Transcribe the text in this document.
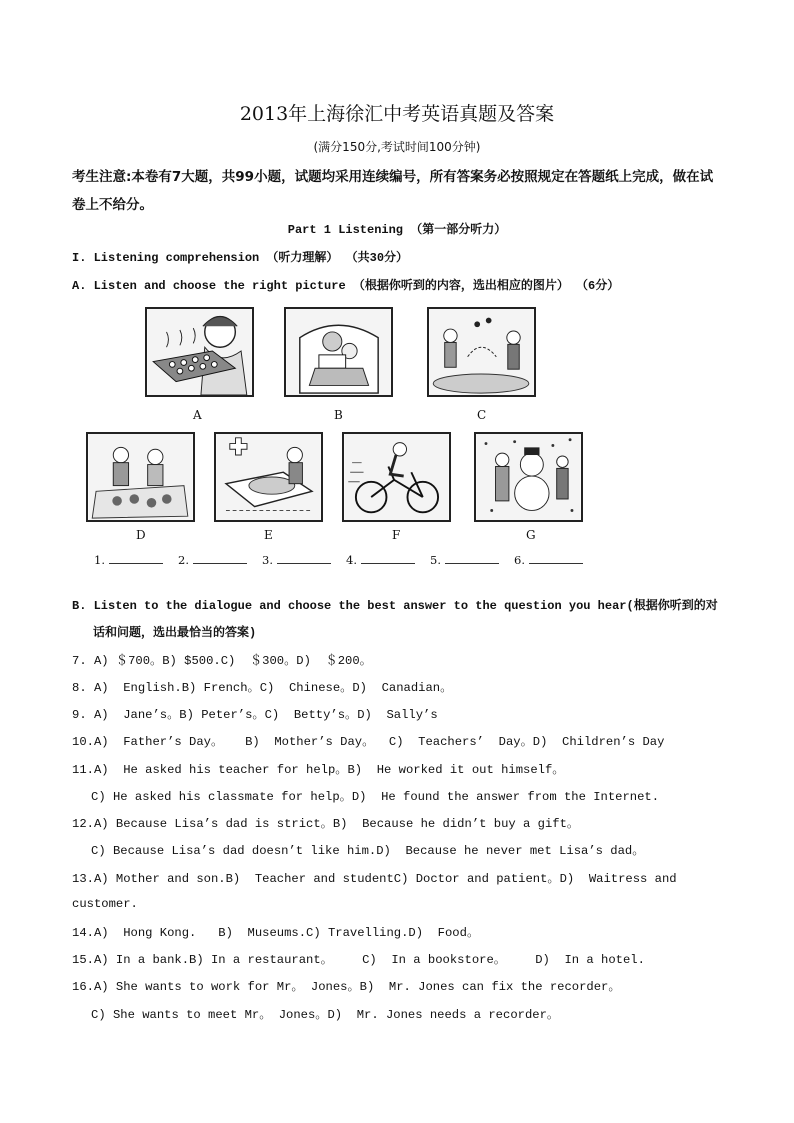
2013年上海徐汇中考英语真题及答案
(满分150分,考试时间100分钟)
考生注意:本卷有7大题，共99小题，试题均采用连续编号，所有答案务必按照规定在答题纸上完成，做在试卷上不给分。
Part 1 Listening （第一部分听力）
I. Listening comprehension （听力理解） （共30分）
A. Listen and choose the right picture （根据你听到的内容，选出相应的图片） （6分）
A	B	C
D	E	F	G
1.	2.	3.	4.	5.	6.
B. Listen to the dialogue and choose the best answer to the question you hear(根据你听到的对
话和问题，选出最恰当的答案)
7. A) ＄700。B) $500.C)  ＄300。D)  ＄200。
8. A)  English.B) French。C)  Chinese。D)  Canadian。
9. A)  Jane’s。B) Peter’s。C)  Betty’s。D)  Sally’s
10.A)  Father’s Day。   B)  Mother’s Day。  C)  Teachers’  Day。D)  Children’s Day
11.A)  He asked his teacher for help。B)  He worked it out himself。
C) He asked his classmate for help。D)  He found the answer from the Internet.
12.A) Because Lisa’s dad is strict。B)  Because he didn’t buy a gift。
C) Because Lisa’s dad doesn’t like him.D)  Because he never met Lisa’s dad。
13.A) Mother and son.B)  Teacher and studentC) Doctor and patient。D)  Waitress and
customer.
14.A)  Hong Kong.   B)  Museums.C) Travelling.D)  Food。
15.A) In a bank.B) In a restaurant。    C)  In a bookstore。    D)  In a hotel.
16.A) She wants to work for Mr。 Jones。B)  Mr. Jones can fix the recorder。
C) She wants to meet Mr。 Jones。D)  Mr. Jones needs a recorder。
